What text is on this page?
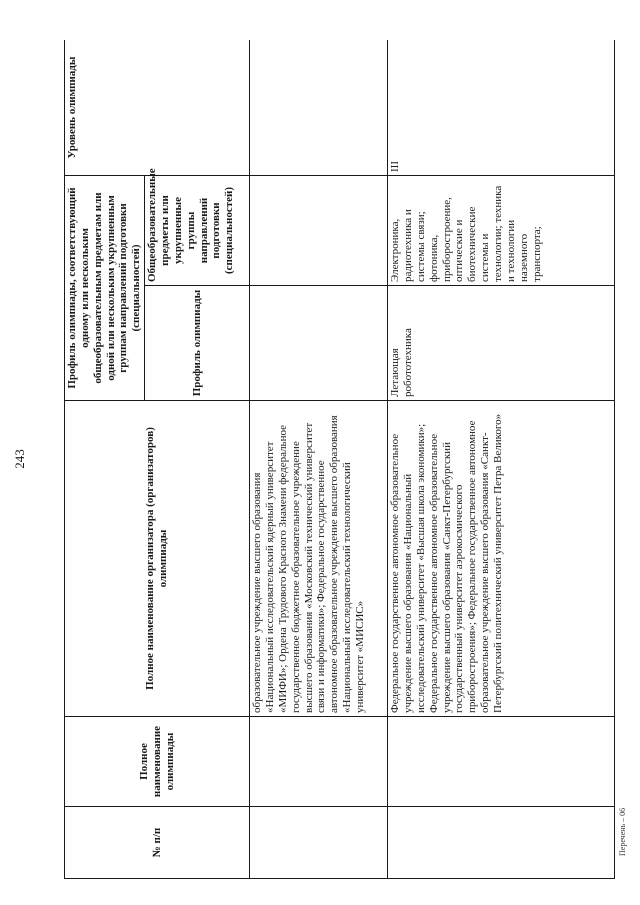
243
№ п/п	Полное наименование олимпиады	Полное наименование организатора (организаторов) олимпиады	Профиль олимпиады, соответствующий одному или нескольким общеобразовательным предметам или одной или нескольким укрупненным группам направлений подготовки (специальностей)		Уровень олимпиады
			Профиль олимпиады	Общеобразовательные предметы или укрупненные группы направлений подготовки (специальностей)	
		образовательное учреждение высшего образования «Национальный исследовательский ядерный университет «МИФИ»; Ордена Трудового Красного Знамени федеральное государственное бюджетное образовательное учреждение высшего образования «Московский технический университет связи и информатики»; Федеральное государственное автономное образовательное учреждение высшего образования «Национальный исследовательский технологический университет «МИСИС»			
		Федеральное государственное автономное образовательное учреждение высшего образования «Национальный исследовательский университет «Высшая школа экономики»; Федеральное государственное автономное образовательное учреждение высшего образования «Санкт-Петербургский государственный университет аэрокосмического приборостроения»; Федеральное государственное автономное образовательное учреждение высшего образования «Санкт-Петербургский политехнический университет Петра Великого»	Летающая робототехника	Электроника, радиотехника и системы связи; фотоника, приборостроение, оптические и биотехнические системы и технологии; техника и технологии наземного транспорта;	III
Перечень – 06
